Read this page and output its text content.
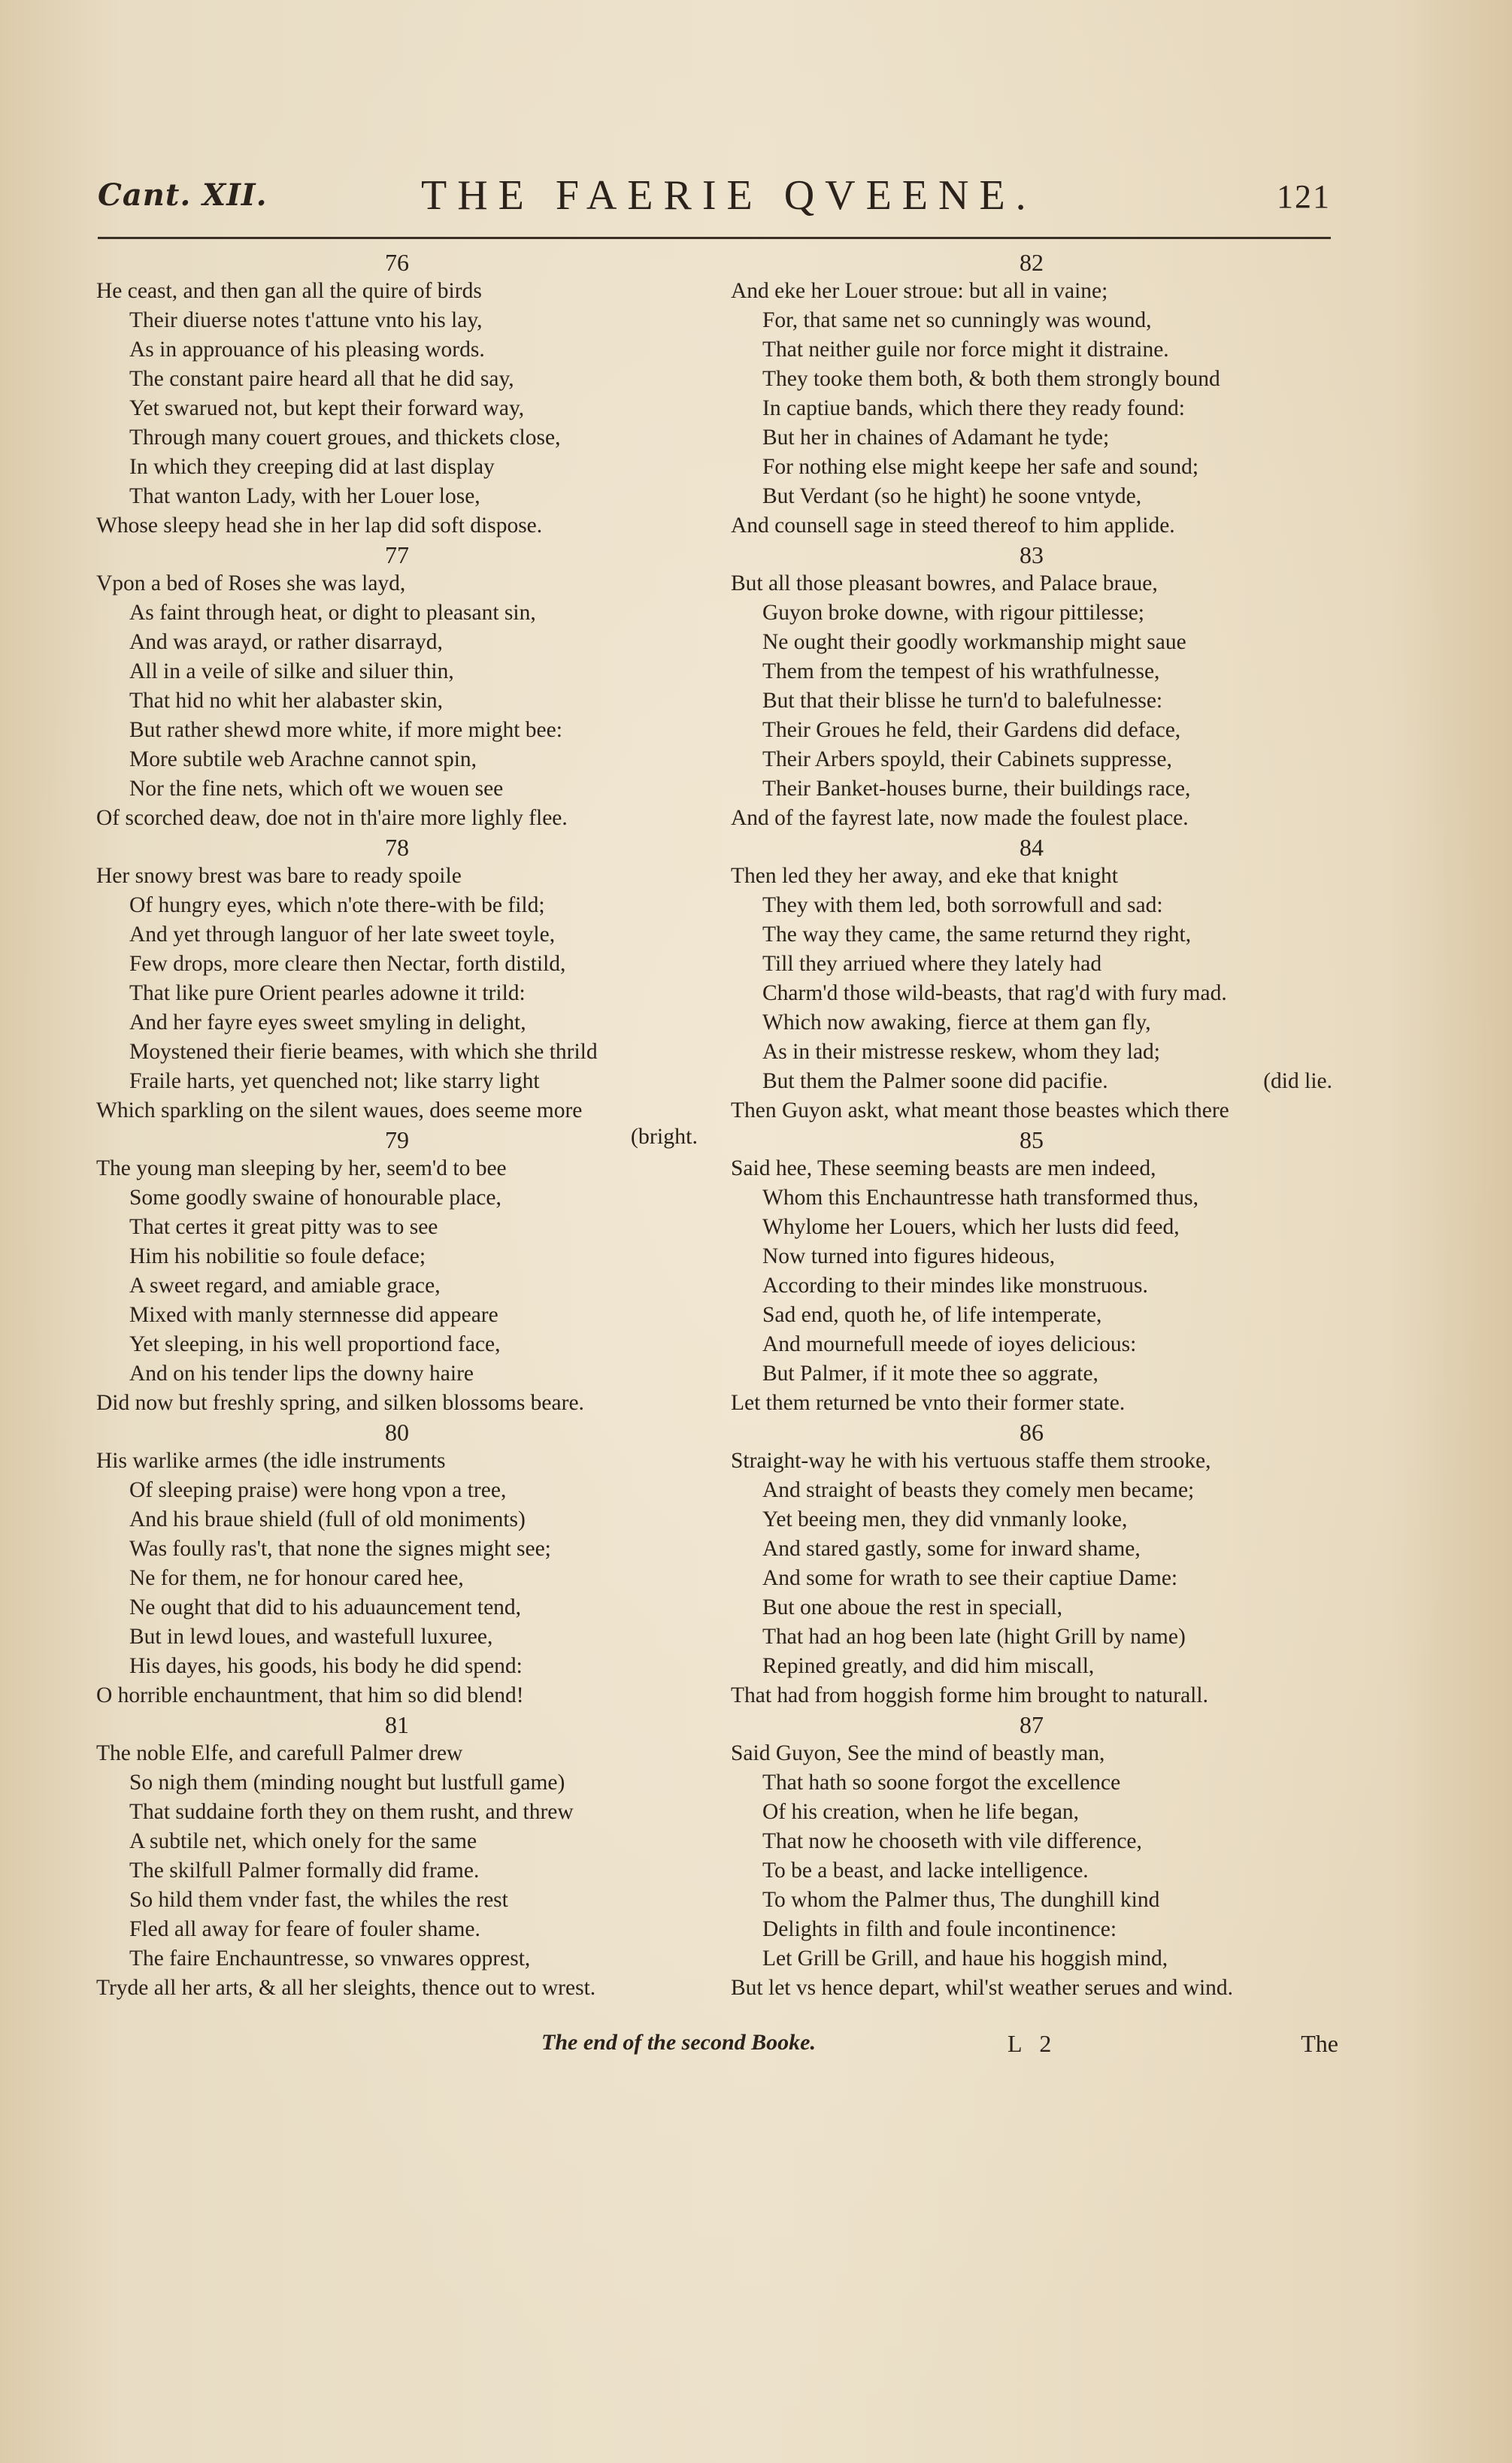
Cant. XII.	THE FAERIE QVEENE.	121
76
He ceast, and then gan all the quire of birds
Their diuerse notes t'attune vnto his lay,
As in approuance of his pleasing words.
The constant paire heard all that he did say,
Yet swarued not, but kept their forward way,
Through many couert groues, and thickets close,
In which they creeping did at last display
That wanton Lady, with her Louer lose,
Whose sleepy head she in her lap did soft dispose.
77
Vpon a bed of Roses she was layd,
As faint through heat, or dight to pleasant sin,
And was arayd, or rather disarrayd,
All in a veile of silke and siluer thin,
That hid no whit her alabaster skin,
But rather shewd more white, if more might bee:
More subtile web Arachne cannot spin,
Nor the fine nets, which oft we wouen see
Of scorched deaw, doe not in th'aire more lighly flee.
78
Her snowy brest was bare to ready spoile
Of hungry eyes, which n'ote there-with be fild;
And yet through languor of her late sweet toyle,
Few drops, more cleare then Nectar, forth distild,
That like pure Orient pearles adowne it trild:
And her fayre eyes sweet smyling in delight,
Moystened their fierie beames, with which she thrild
Fraile harts, yet quenched not; like starry light
Which sparkling on the silent waues, does seeme more
79	(bright.
The young man sleeping by her, seem'd to bee
Some goodly swaine of honourable place,
That certes it great pitty was to see
Him his nobilitie so foule deface;
A sweet regard, and amiable grace,
Mixed with manly sternnesse did appeare
Yet sleeping, in his well proportiond face,
And on his tender lips the downy haire
Did now but freshly spring, and silken blossoms beare.
80
His warlike armes (the idle instruments
Of sleeping praise) were hong vpon a tree,
And his braue shield (full of old moniments)
Was foully ras't, that none the signes might see;
Ne for them, ne for honour cared hee,
Ne ought that did to his aduauncement tend,
But in lewd loues, and wastefull luxuree,
His dayes, his goods, his body he did spend:
O horrible enchauntment, that him so did blend!
81
The noble Elfe, and carefull Palmer drew
So nigh them (minding nought but lustfull game)
That suddaine forth they on them rusht, and threw
A subtile net, which onely for the same
The skilfull Palmer formally did frame.
So hild them vnder fast, the whiles the rest
Fled all away for feare of fouler shame.
The faire Enchauntresse, so vnwares opprest,
Tryde all her arts, & all her sleights, thence out to wrest.
82
And eke her Louer stroue: but all in vaine;
For, that same net so cunningly was wound,
That neither guile nor force might it distraine.
They tooke them both, & both them strongly bound
In captiue bands, which there they ready found:
But her in chaines of Adamant he tyde;
For nothing else might keepe her safe and sound;
But Verdant (so he hight) he soone vntyde,
And counsell sage in steed thereof to him applide.
83
But all those pleasant bowres, and Palace braue,
Guyon broke downe, with rigour pittilesse;
Ne ought their goodly workmanship might saue
Them from the tempest of his wrathfulnesse,
But that their blisse he turn'd to balefulnesse:
Their Groues he feld, their Gardens did deface,
Their Arbers spoyld, their Cabinets suppresse,
Their Banket-houses burne, their buildings race,
And of the fayrest late, now made the foulest place.
84
Then led they her away, and eke that knight
They with them led, both sorrowfull and sad:
The way they came, the same returnd they right,
Till they arriued where they lately had
Charm'd those wild-beasts, that rag'd with fury mad.
Which now awaking, fierce at them gan fly,
As in their mistresse reskew, whom they lad;
But them the Palmer soone did pacifie.	(did lie.
Then Guyon askt, what meant those beastes which there
85
Said hee, These seeming beasts are men indeed,
Whom this Enchauntresse hath transformed thus,
Whylome her Louers, which her lusts did feed,
Now turned into figures hideous,
According to their mindes like monstruous.
Sad end, quoth he, of life intemperate,
And mournefull meede of ioyes delicious:
But Palmer, if it mote thee so aggrate,
Let them returned be vnto their former state.
86
Straight-way he with his vertuous staffe them strooke,
And straight of beasts they comely men became;
Yet beeing men, they did vnmanly looke,
And stared gastly, some for inward shame,
And some for wrath to see their captiue Dame:
But one aboue the rest in speciall,
That had an hog been late (hight Grill by name)
Repined greatly, and did him miscall,
That had from hoggish forme him brought to naturall.
87
Said Guyon, See the mind of beastly man,
That hath so soone forgot the excellence
Of his creation, when he life began,
That now he chooseth with vile difference,
To be a beast, and lacke intelligence.
To whom the Palmer thus, The dunghill kind
Delights in filth and foule incontinence:
Let Grill be Grill, and haue his hoggish mind,
But let vs hence depart, whil'st weather serues and wind.
The end of the second Booke.	L 2	The
